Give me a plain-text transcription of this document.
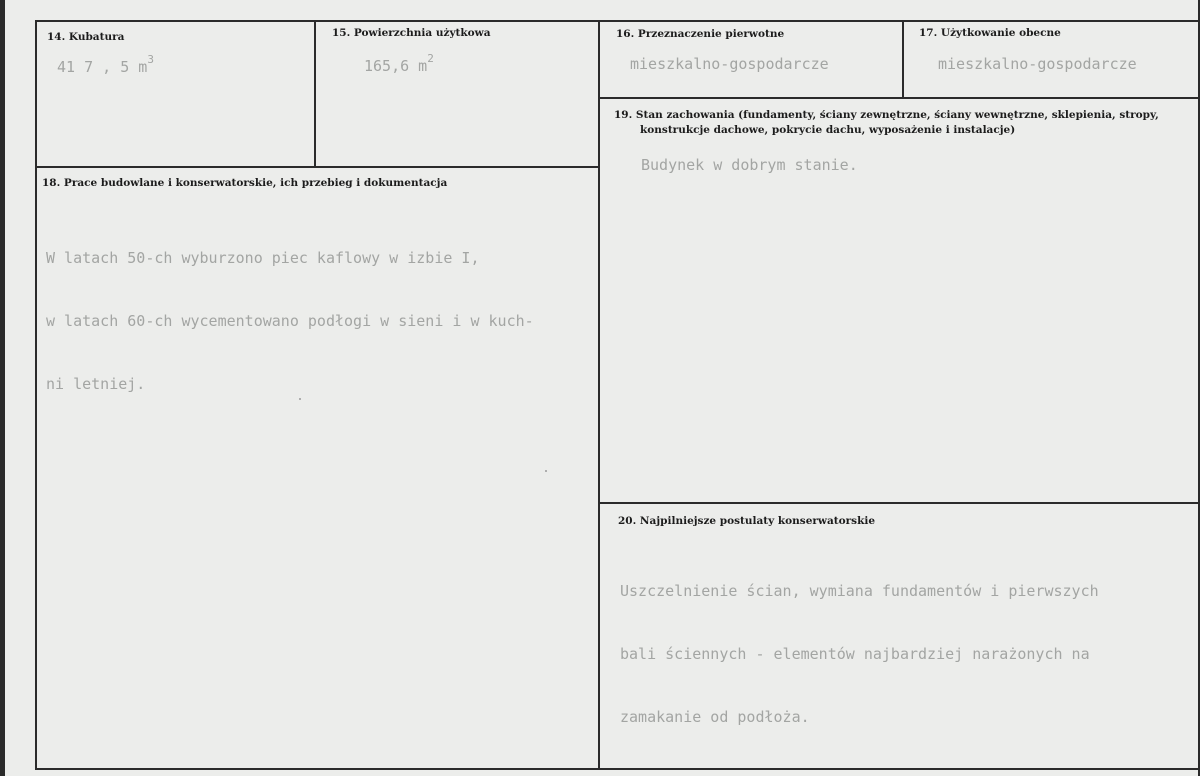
14. Kubatura
41 7 , 5 $m^3$
15. Powierzchnia użytkowa
165,6 $m^2$
16. Przeznaczenie pierwotne
mieszkalno-gospodarcze
17. Użytkowanie obecne
mieszkalno-gospodarcze
19. Stan zachowania (fundamenty, ściany zewnętrzne, ściany wewnętrzne, sklepienia, stropy,
konstrukcje dachowe, pokrycie dachu, wyposażenie i instalacje)
Budynek w dobrym stanie.
18. Prace budowlane i konserwatorskie, ich przebieg i dokumentacja

W latach 50-ch wyburzono piec kaflowy w izbie I,

w latach 60-ch wycementowano podłogi w sieni i w kuch-

ni letniej.

20. Najpilniejsze postulaty konserwatorskie

Uszczelnienie ścian, wymiana fundamentów i pierwszych

bali ściennych - elementów najbardziej narażonych na

zamakanie od podłoża.
